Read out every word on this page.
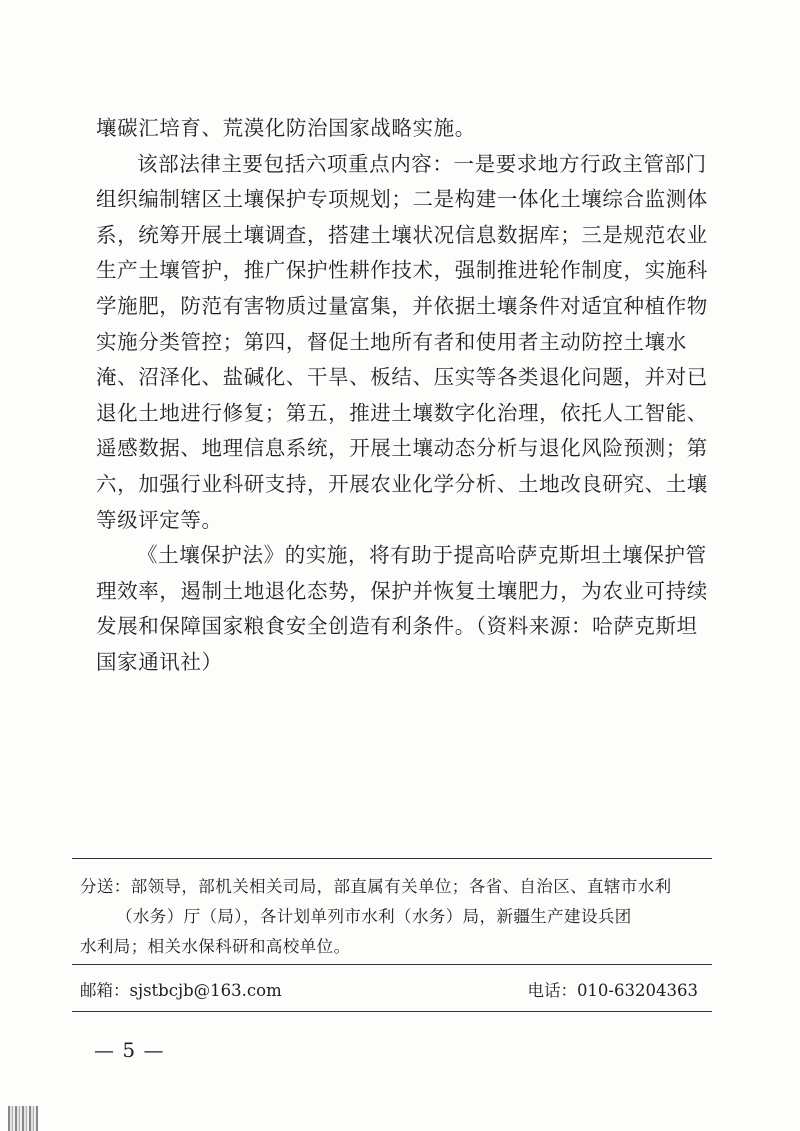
壤碳汇培育、荒漠化防治国家战略实施。

该部法律主要包括六项重点内容：一是要求地方行政主管部门组织编制辖区土壤保护专项规划；二是构建一体化土壤综合监测体系，统筹开展土壤调查，搭建土壤状况信息数据库；三是规范农业生产土壤管护，推广保护性耕作技术，强制推进轮作制度，实施科学施肥，防范有害物质过量富集，并依据土壤条件对适宜种植作物实施分类管控；第四，督促土地所有者和使用者主动防控土壤水淹、沼泽化、盐碱化、干旱、板结、压实等各类退化问题，并对已退化土地进行修复；第五，推进土壤数字化治理，依托人工智能、遥感数据、地理信息系统，开展土壤动态分析与退化风险预测；第六，加强行业科研支持，开展农业化学分析、土地改良研究、土壤等级评定等。

《土壤保护法》的实施，将有助于提高哈萨克斯坦土壤保护管理效率，遏制土地退化态势，保护并恢复土壤肥力，为农业可持续发展和保障国家粮食安全创造有利条件。（资料来源：哈萨克斯坦国家通讯社）

分送：部领导，部机关相关司局，部直属有关单位；各省、自治区、直辖市水利
（水务）厅（局），各计划单列市水利（水务）局，新疆生产建设兵团
水利局；相关水保科研和高校单位。
邮箱：sjstbcjb@163.com	电话：010-63204363
— 5 —
